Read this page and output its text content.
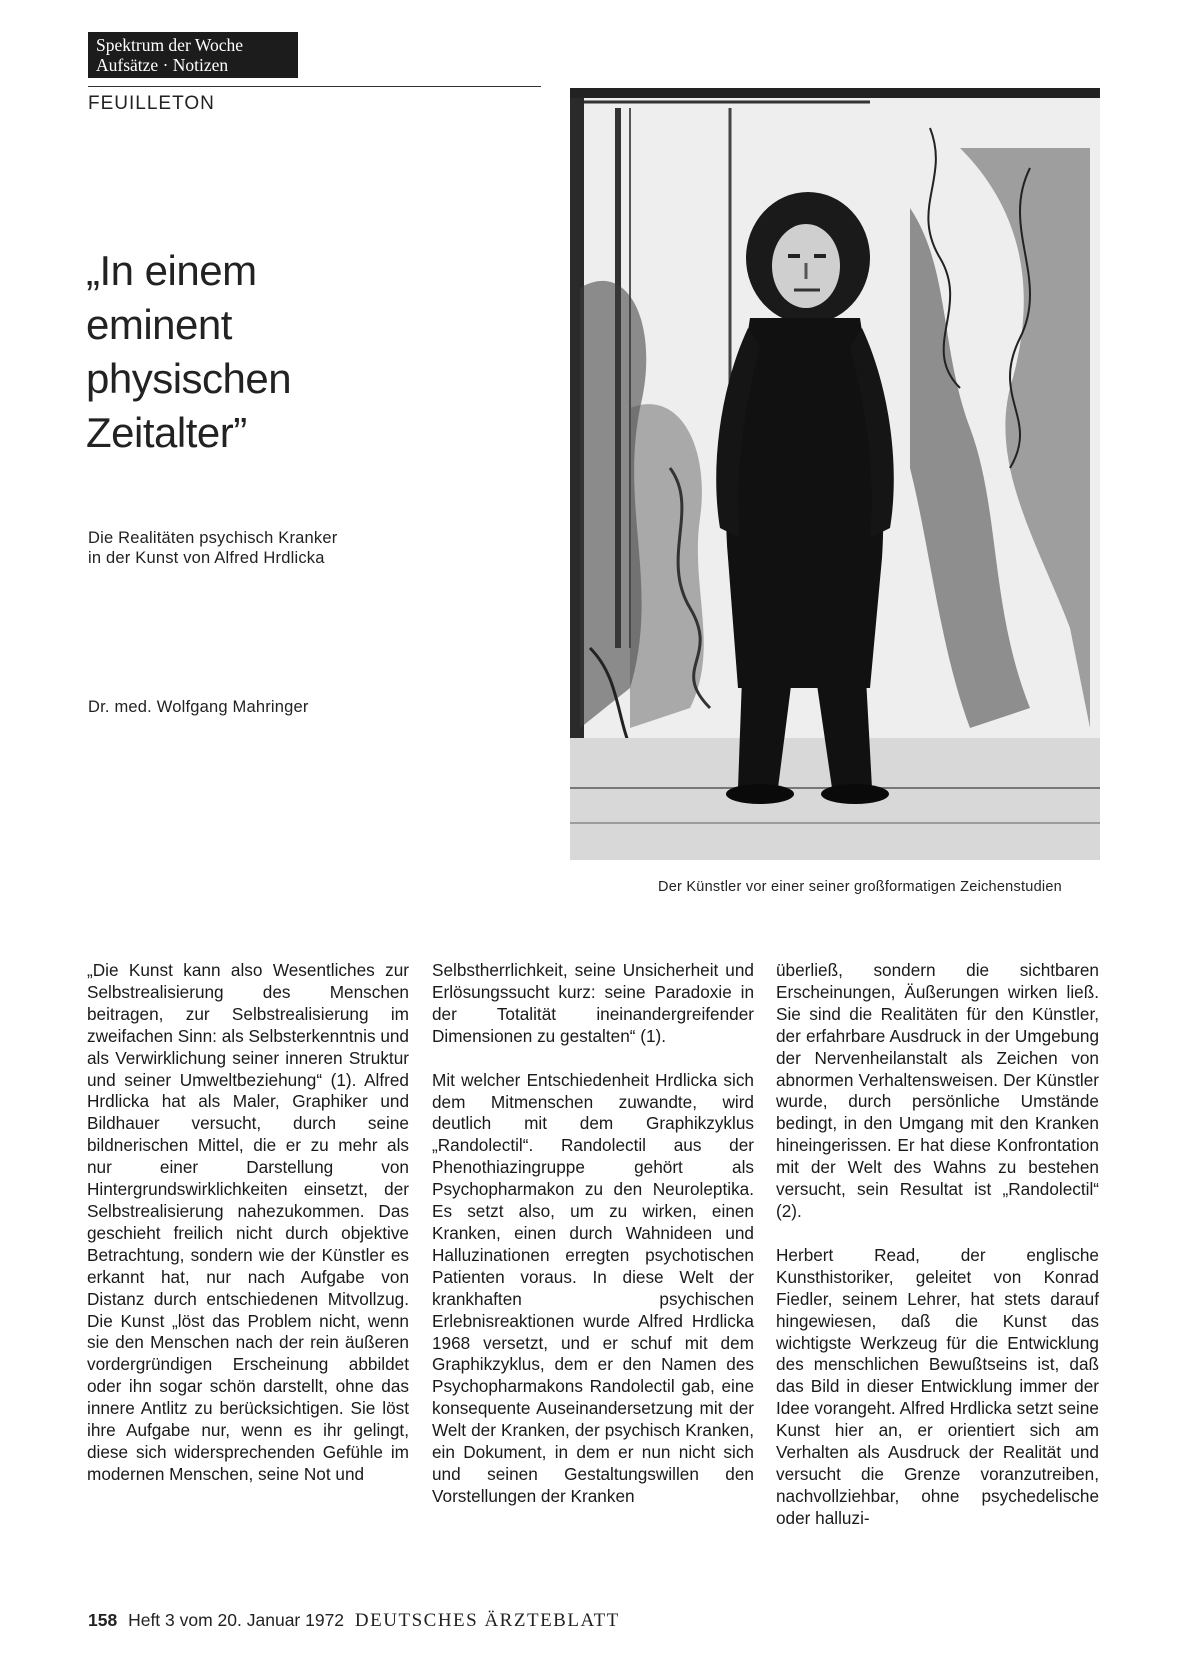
Spektrum der Woche
Aufsätze · Notizen
FEUILLETON
„In einem
eminent
physischen
Zeitalter”
Die Realitäten psychisch Kranker
in der Kunst von Alfred Hrdlicka
Dr. med. Wolfgang Mahringer
Der Künstler vor einer seiner großformatigen Zeichenstudien

„Die Kunst kann also Wesentliches zur Selbstrealisierung des Menschen beitragen, zur Selbstrealisierung im zweifachen Sinn: als Selbsterkenntnis und als Verwirklichung seiner inneren Struktur und seiner Umweltbeziehung“ (1). Alfred Hrdlicka hat als Maler, Graphiker und Bildhauer versucht, durch seine bildnerischen Mittel, die er zu mehr als nur einer Darstellung von Hintergrundswirklichkeiten einsetzt, der Selbstrealisierung nahezukommen. Das geschieht freilich nicht durch objektive Betrachtung, sondern wie der Künstler es erkannt hat, nur nach Aufgabe von Distanz durch entschiedenen Mitvollzug. Die Kunst „löst das Problem nicht, wenn sie den Menschen nach der rein äußeren vordergründigen Erscheinung abbildet oder ihn sogar schön darstellt, ohne das innere Antlitz zu berücksichtigen. Sie löst ihre Aufgabe nur, wenn es ihr gelingt, diese sich widersprechenden Gefühle im modernen Menschen, seine Not und

Selbstherrlichkeit, seine Unsicherheit und Erlösungssucht kurz: seine Paradoxie in der Totalität ineinandergreifender Dimensionen zu gestalten“ (1).

Mit welcher Entschiedenheit Hrdlicka sich dem Mitmenschen zuwandte, wird deutlich mit dem Graphikzyklus „Randolectil“. Randolectil aus der Phenothiazingruppe gehört als Psychopharmakon zu den Neuroleptika. Es setzt also, um zu wirken, einen Kranken, einen durch Wahnideen und Halluzinationen erregten psychotischen Patienten voraus. In diese Welt der krankhaften psychischen Erlebnisreaktionen wurde Alfred Hrdlicka 1968 versetzt, und er schuf mit dem Graphikzyklus, dem er den Namen des Psychopharmakons Randolectil gab, eine konsequente Auseinandersetzung mit der Welt der Kranken, der psychisch Kranken, ein Dokument, in dem er nun nicht sich und seinen Gestaltungswillen den Vorstellungen der Kranken

überließ, sondern die sichtbaren Erscheinungen, Äußerungen wirken ließ. Sie sind die Realitäten für den Künstler, der erfahrbare Ausdruck in der Umgebung der Nervenheilanstalt als Zeichen von abnormen Verhaltensweisen. Der Künstler wurde, durch persönliche Umstände bedingt, in den Umgang mit den Kranken hineingerissen. Er hat diese Konfrontation mit der Welt des Wahns zu bestehen versucht, sein Resultat ist „Randolectil“ (2).

Herbert Read, der englische Kunsthistoriker, geleitet von Konrad Fiedler, seinem Lehrer, hat stets darauf hingewiesen, daß die Kunst das wichtigste Werkzeug für die Entwicklung des menschlichen Bewußtseins ist, daß das Bild in dieser Entwicklung immer der Idee vorangeht. Alfred Hrdlicka setzt seine Kunst hier an, er orientiert sich am Verhalten als Ausdruck der Realität und versucht die Grenze voranzutreiben, nachvollziehbar, ohne psychedelische oder halluzi-

158 Heft 3 vom 20. Januar 1972 DEUTSCHES ÄRZTEBLATT
